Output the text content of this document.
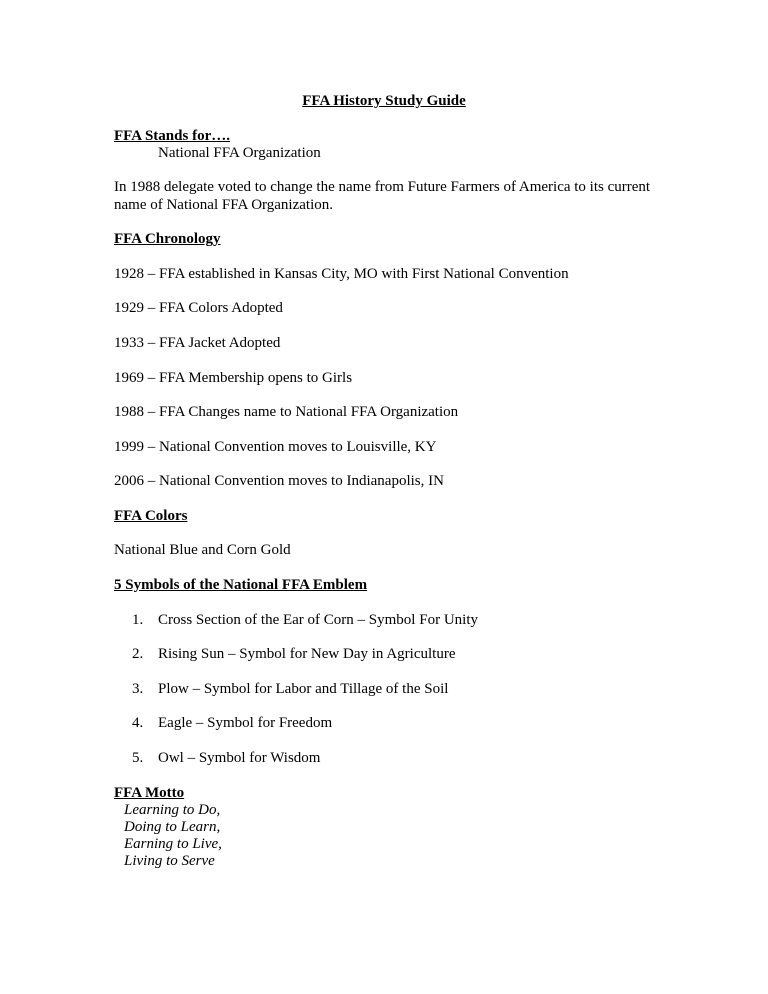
FFA History Study Guide
FFA Stands for….
National FFA Organization
In 1988 delegate voted to change the name from Future Farmers of America to its current name of National FFA Organization.
FFA Chronology
1928 – FFA established in Kansas City, MO with First National Convention
1929 – FFA Colors Adopted
1933 – FFA Jacket Adopted
1969 – FFA Membership opens to Girls
1988 – FFA Changes name to National FFA Organization
1999 – National Convention moves to Louisville, KY
2006 – National Convention moves to Indianapolis, IN
FFA Colors
National Blue and Corn Gold
5 Symbols of the National FFA Emblem
1. Cross Section of the Ear of Corn – Symbol For Unity
2. Rising Sun – Symbol for New Day in Agriculture
3. Plow – Symbol for Labor and Tillage of the Soil
4. Eagle – Symbol for Freedom
5. Owl – Symbol for Wisdom
FFA Motto
Learning to Do,
Doing to Learn,
Earning to Live,
Living to Serve
